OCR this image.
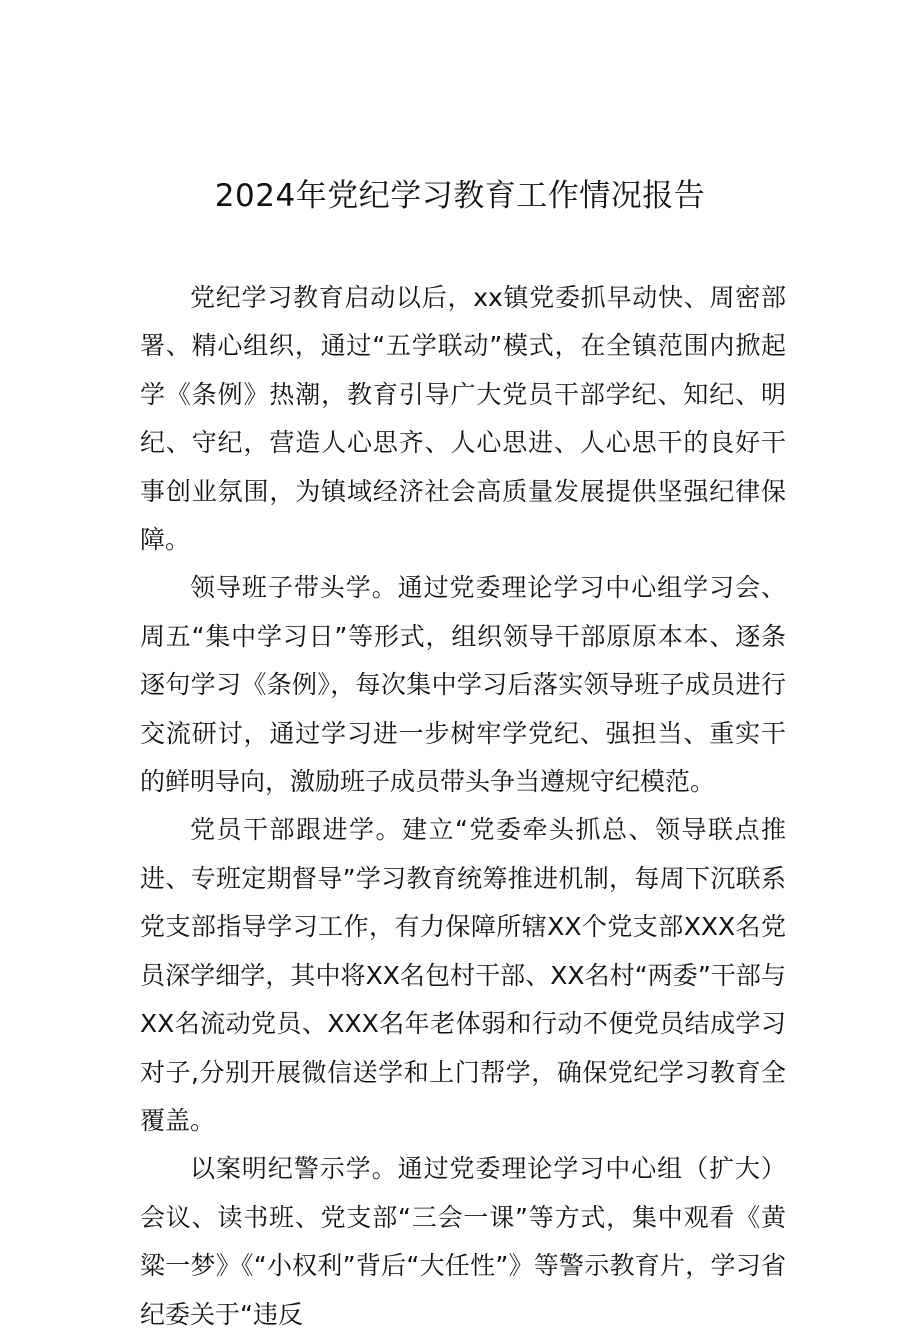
2024年党纪学习教育工作情况报告

党纪学习教育启动以后，xx镇党委抓早动快、周密部署、精心组织，通过“五学联动”模式，在全镇范围内掀起学《条例》热潮，教育引导广大党员干部学纪、知纪、明纪、守纪，营造人心思齐、人心思进、人心思干的良好干事创业氛围，为镇域经济社会高质量发展提供坚强纪律保障。

领导班子带头学。通过党委理论学习中心组学习会、周五“集中学习日”等形式，组织领导干部原原本本、逐条逐句学习《条例》，每次集中学习后落实领导班子成员进行交流研讨，通过学习进一步树牢学党纪、强担当、重实干的鲜明导向，激励班子成员带头争当遵规守纪模范。

党员干部跟进学。建立“党委牵头抓总、领导联点推进、专班定期督导”学习教育统筹推进机制，每周下沉联系党支部指导学习工作，有力保障所辖XX个党支部XXX名党员深学细学，其中将XX名包村干部、XX名村“两委”干部与XX名流动党员、XXX名年老体弱和行动不便党员结成学习对子,分别开展微信送学和上门帮学，确保党纪学习教育全覆盖。

以案明纪警示学。通过党委理论学习中心组（扩大）会议、读书班、党支部“三会一课”等方式，集中观看《黄粱一梦》《“小权利”背后“大任性”》等警示教育片，学习省纪委关于“违反
